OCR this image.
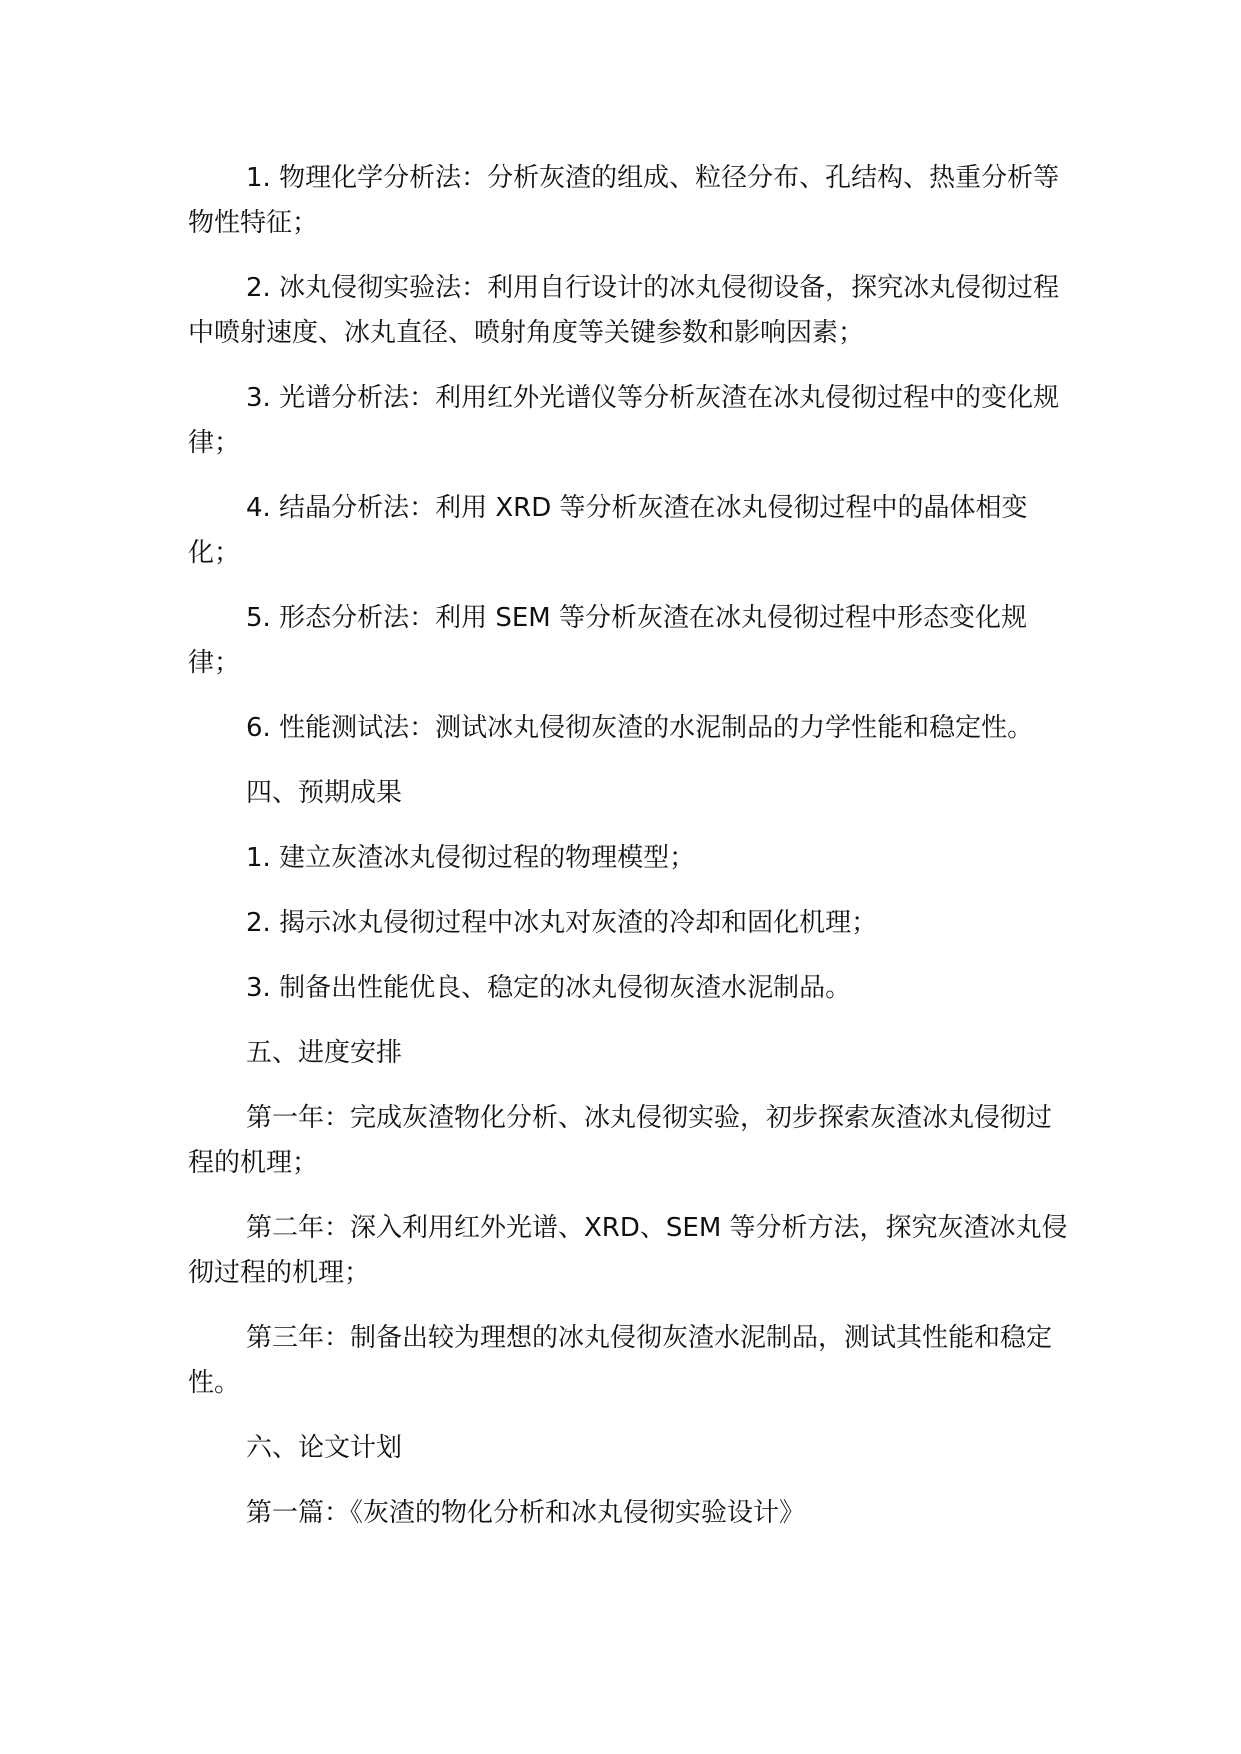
1. 物理化学分析法：分析灰渣的组成、粒径分布、孔结构、热重分析等物性特征；

2. 冰丸侵彻实验法：利用自行设计的冰丸侵彻设备，探究冰丸侵彻过程中喷射速度、冰丸直径、喷射角度等关键参数和影响因素；

3. 光谱分析法：利用红外光谱仪等分析灰渣在冰丸侵彻过程中的变化规律；

4. 结晶分析法：利用 XRD 等分析灰渣在冰丸侵彻过程中的晶体相变化；

5. 形态分析法：利用 SEM 等分析灰渣在冰丸侵彻过程中形态变化规律；

6. 性能测试法：测试冰丸侵彻灰渣的水泥制品的力学性能和稳定性。

四、预期成果

1. 建立灰渣冰丸侵彻过程的物理模型；

2. 揭示冰丸侵彻过程中冰丸对灰渣的冷却和固化机理；

3. 制备出性能优良、稳定的冰丸侵彻灰渣水泥制品。

五、进度安排

第一年：完成灰渣物化分析、冰丸侵彻实验，初步探索灰渣冰丸侵彻过程的机理；

第二年：深入利用红外光谱、XRD、SEM 等分析方法，探究灰渣冰丸侵彻过程的机理；

第三年：制备出较为理想的冰丸侵彻灰渣水泥制品，测试其性能和稳定性。

六、论文计划

第一篇：《灰渣的物化分析和冰丸侵彻实验设计》
